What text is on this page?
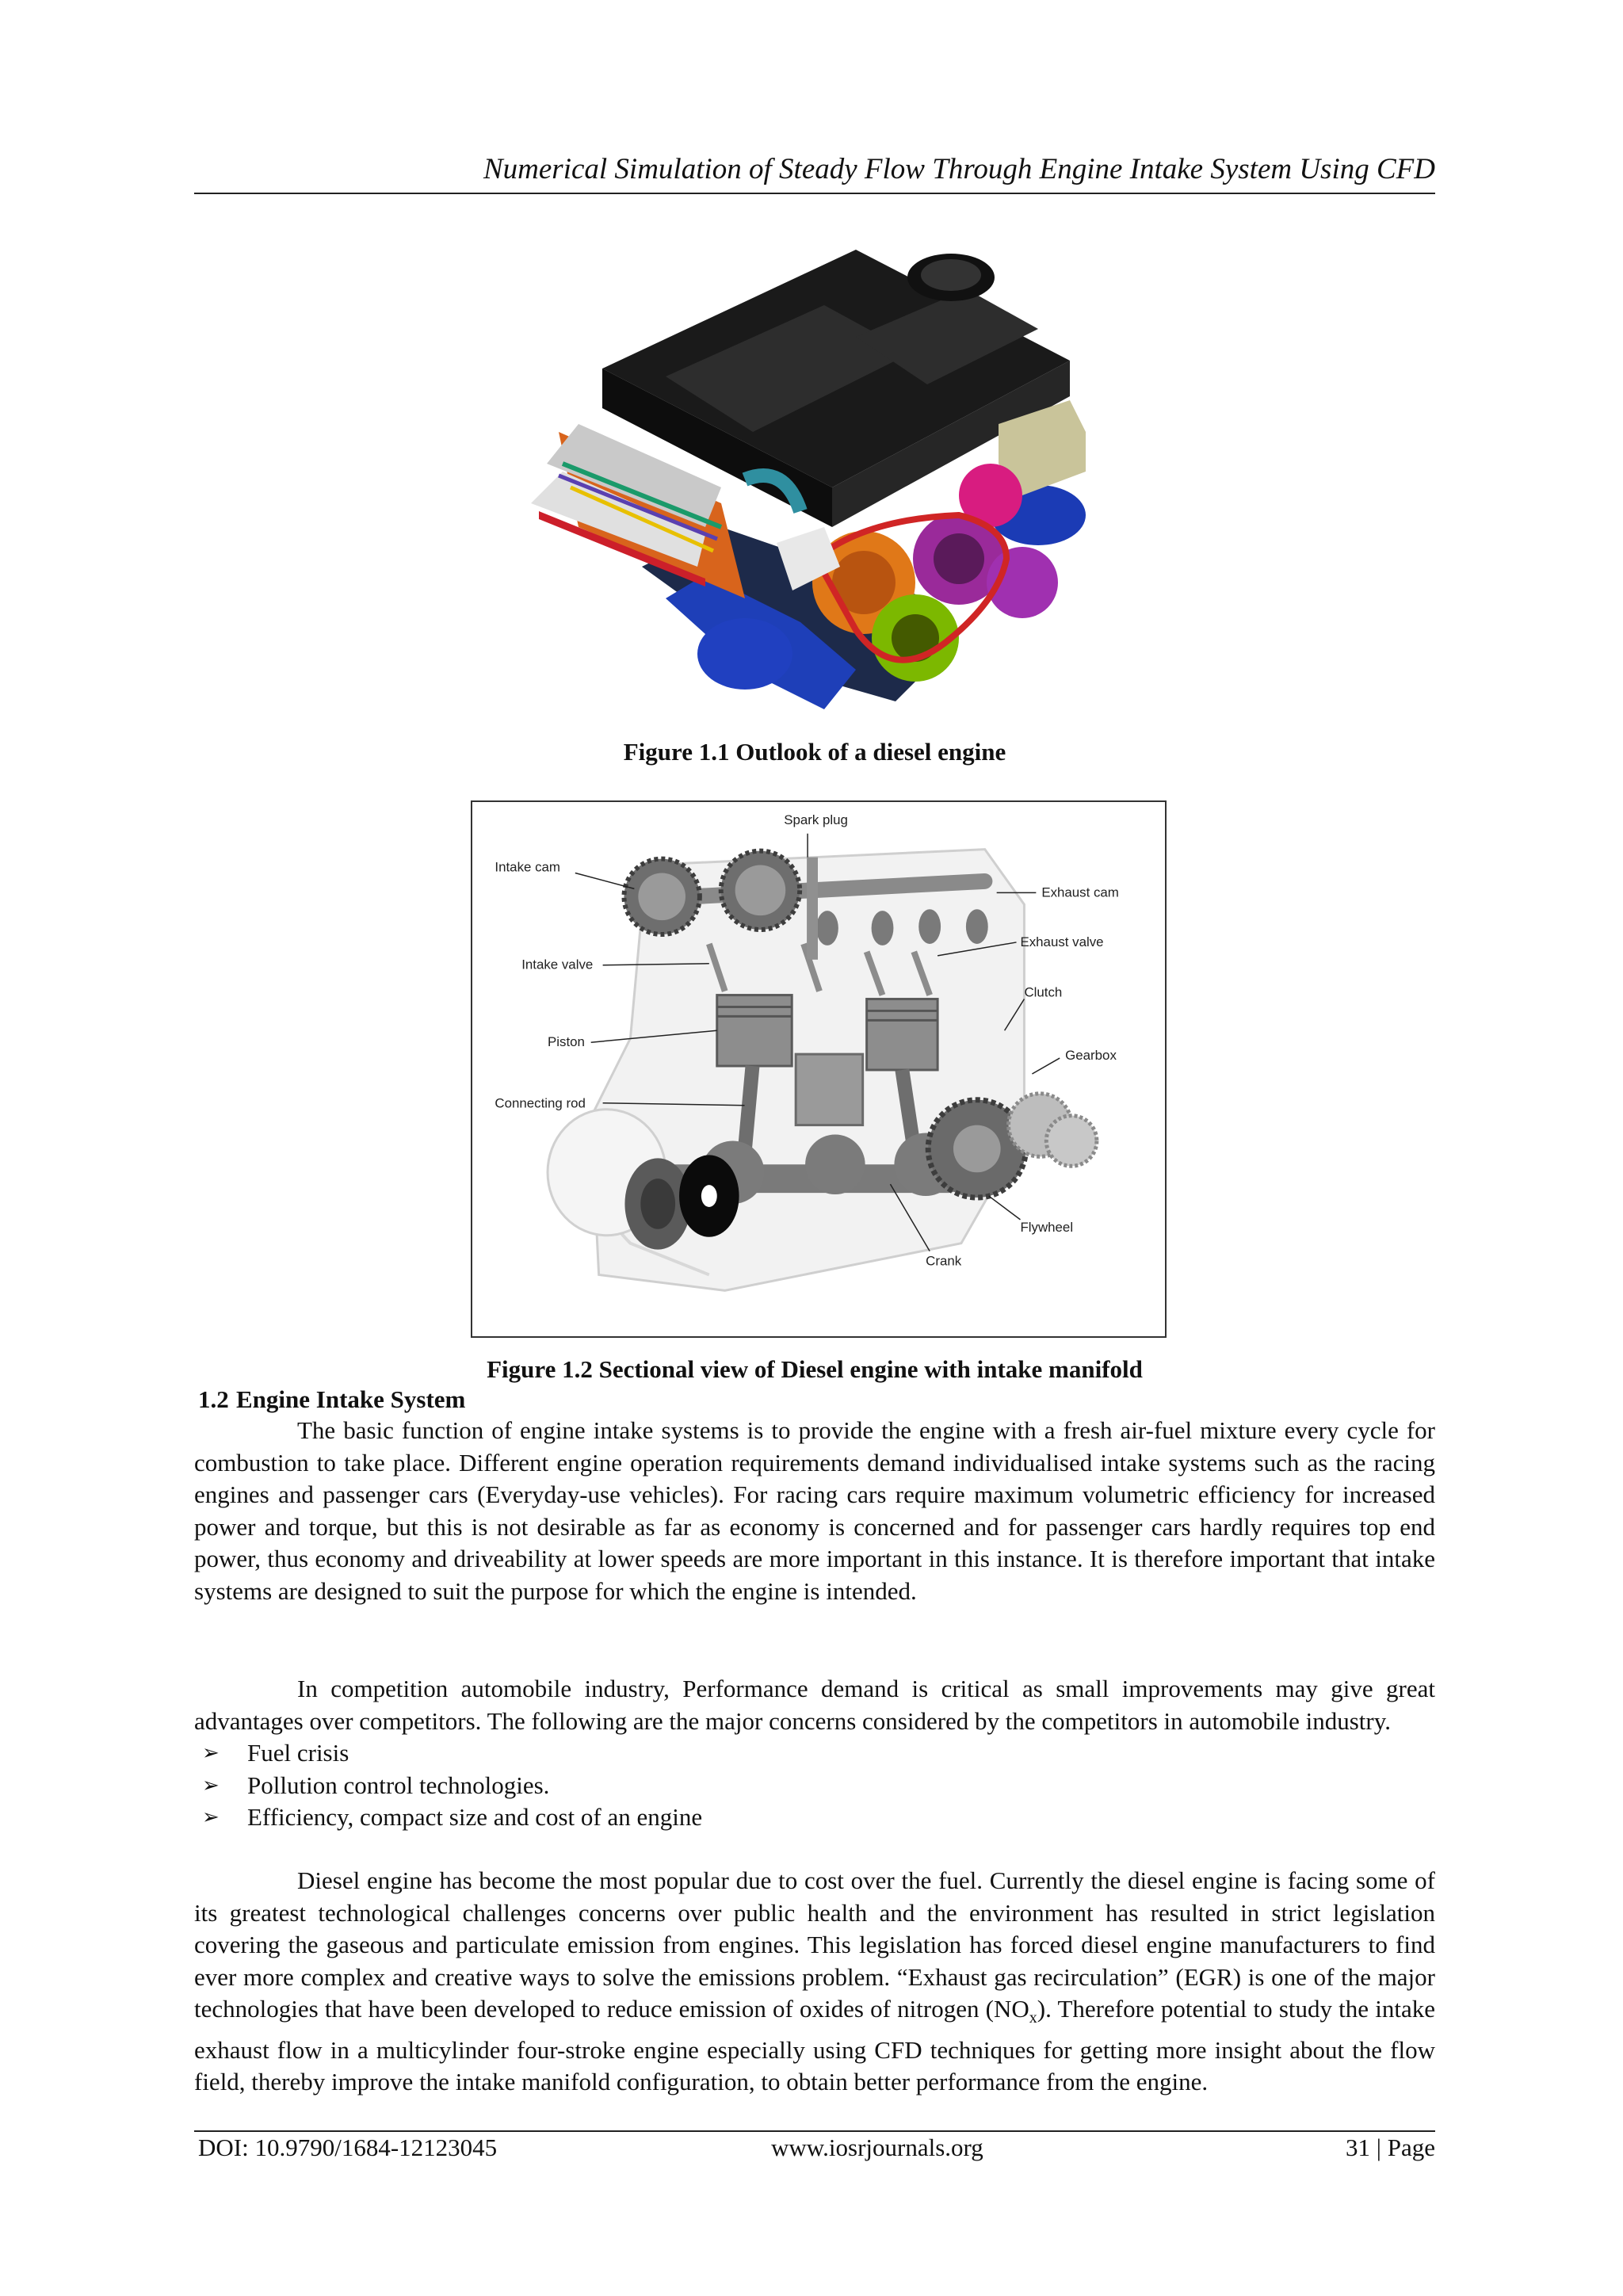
Numerical Simulation of Steady Flow Through Engine Intake System Using CFD
Figure 1.1 Outlook of a diesel engine
Spark plug
Intake cam
Exhaust cam
Exhaust valve
Intake valve
Clutch
Piston
Gearbox
Connecting rod
Flywheel
Crank
Figure 1.2 Sectional view of Diesel engine with intake manifold
1.2 Engine Intake System

The basic function of engine intake systems is to provide the engine with a fresh air-fuel mixture every cycle for combustion to take place. Different engine operation requirements demand individualised intake systems such as the racing engines and passenger cars (Everyday-use vehicles). For racing cars require maximum volumetric efficiency for increased power and torque, but this is not desirable as far as economy is concerned and for passenger cars hardly requires top end power, thus economy and driveability at lower speeds are more important in this instance. It is therefore important that intake systems are designed to suit the purpose for which the engine is intended.

In competition automobile industry, Performance demand is critical as small improvements may give great advantages over competitors. The following are the major concerns considered by the competitors in automobile industry.

➢	Fuel crisis
➢	Pollution control technologies.
➢	Efficiency, compact size and cost of an engine

Diesel engine has become the most popular due to cost over the fuel. Currently the diesel engine is facing some of its greatest technological challenges concerns over public health and the environment has resulted in strict legislation covering the gaseous and particulate emission from engines. This legislation has forced diesel engine manufacturers to find ever more complex and creative ways to solve the emissions problem. “Exhaust gas recirculation” (EGR) is one of the major technologies that have been developed to reduce emission of oxides of nitrogen $(NO_x)$. Therefore potential to study the intake exhaust flow in a multicylinder four-stroke engine especially using CFD techniques for getting more insight about the flow field, thereby improve the intake manifold configuration, to obtain better performance from the engine.

DOI: 10.9790/1684-12123045	www.iosrjournals.org	31 | Page
